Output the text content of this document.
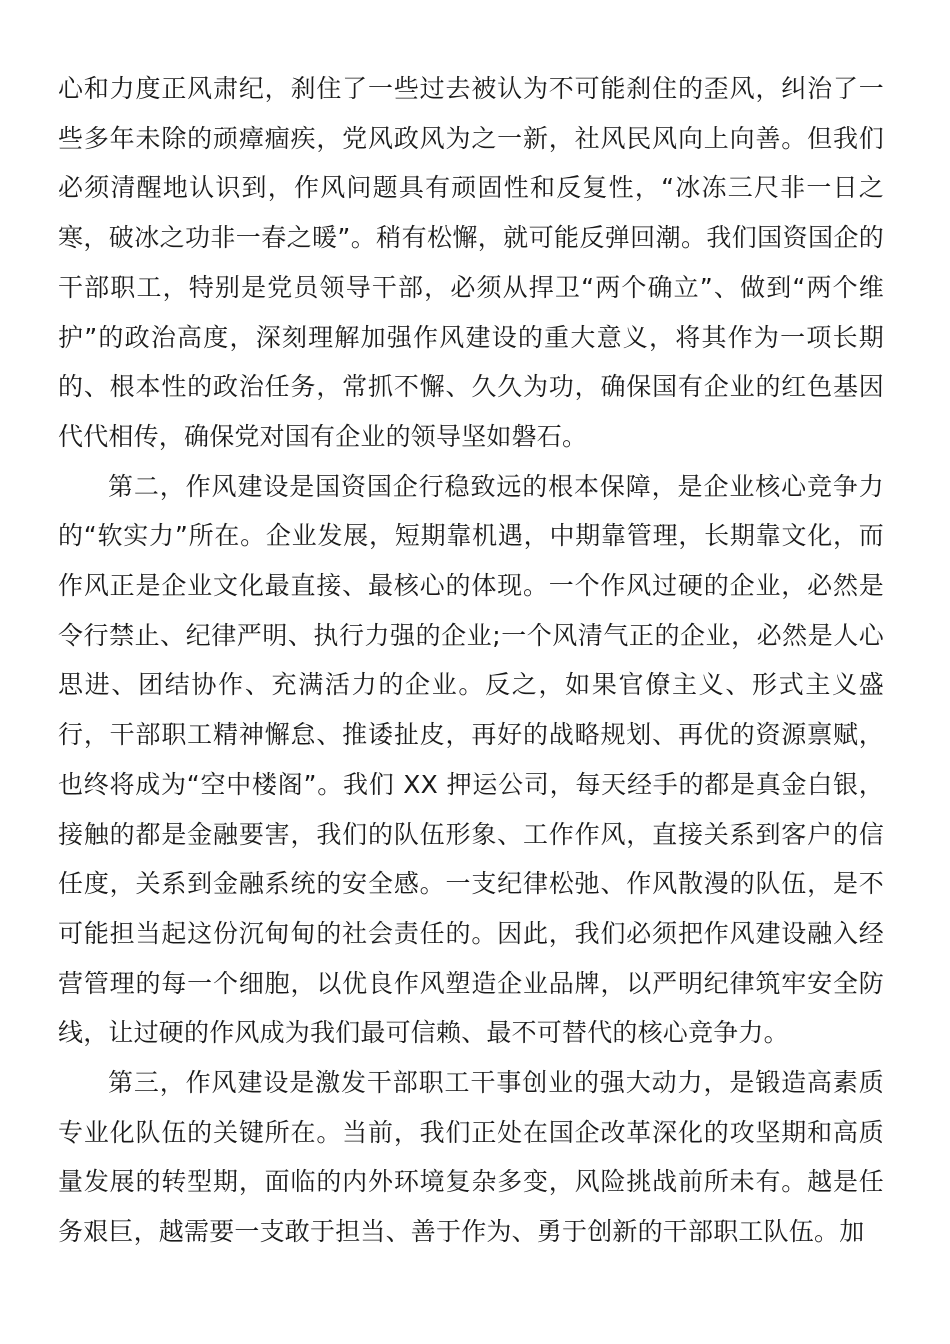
心和力度正风肃纪，刹住了一些过去被认为不可能刹住的歪风，纠治了一些多年未除的顽瘴痼疾，党风政风为之一新，社风民风向上向善。但我们必须清醒地认识到，作风问题具有顽固性和反复性，“冰冻三尺非一日之寒，破冰之功非一春之暖”。稍有松懈，就可能反弹回潮。我们国资国企的干部职工，特别是党员领导干部，必须从捍卫“两个确立”、做到“两个维护”的政治高度，深刻理解加强作风建设的重大意义，将其作为一项长期的、根本性的政治任务，常抓不懈、久久为功，确保国有企业的红色基因代代相传，确保党对国有企业的领导坚如磐石。

第二，作风建设是国资国企行稳致远的根本保障，是企业核心竞争力的“软实力”所在。企业发展，短期靠机遇，中期靠管理，长期靠文化，而作风正是企业文化最直接、最核心的体现。一个作风过硬的企业，必然是令行禁止、纪律严明、执行力强的企业;一个风清气正的企业，必然是人心思进、团结协作、充满活力的企业。反之，如果官僚主义、形式主义盛行，干部职工精神懈怠、推诿扯皮，再好的战略规划、再优的资源禀赋，也终将成为“空中楼阁”。我们 XX 押运公司，每天经手的都是真金白银，接触的都是金融要害，我们的队伍形象、工作作风，直接关系到客户的信任度，关系到金融系统的安全感。一支纪律松弛、作风散漫的队伍，是不可能担当起这份沉甸甸的社会责任的。因此，我们必须把作风建设融入经营管理的每一个细胞，以优良作风塑造企业品牌，以严明纪律筑牢安全防线，让过硬的作风成为我们最可信赖、最不可替代的核心竞争力。

第三，作风建设是激发干部职工干事创业的强大动力，是锻造高素质专业化队伍的关键所在。当前，我们正处在国企改革深化的攻坚期和高质量发展的转型期，面临的内外环境复杂多变，风险挑战前所未有。越是任务艰巨，越需要一支敢于担当、善于作为、勇于创新的干部职工队伍。加
